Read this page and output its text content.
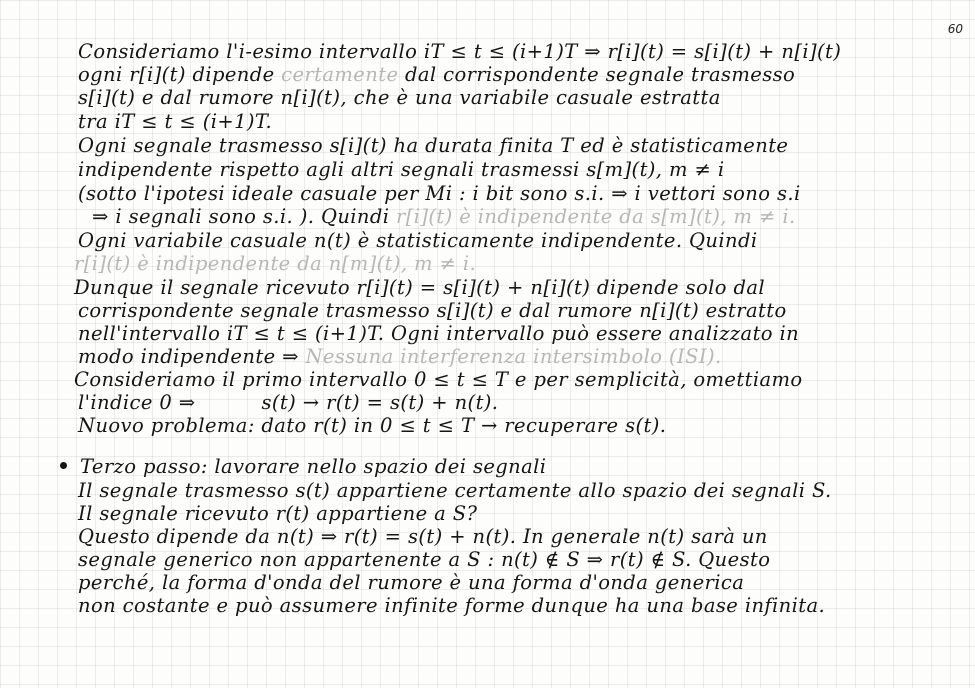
60
Consideriamo l'i-esimo intervallo iT ≤ t ≤ (i+1)T ⇒ r[i](t) = s[i](t) + n[i](t)
ogni r[i](t) dipende certamente dal corrispondente segnale trasmesso
s[i](t) e dal rumore n[i](t), che è una variabile casuale estratta
tra iT ≤ t ≤ (i+1)T.
Ogni segnale trasmesso s[i](t) ha durata finita T ed è statisticamente
indipendente rispetto agli altri segnali trasmessi s[m](t), m ≠ i
(sotto l'ipotesi ideale casuale per Mi : i bit sono s.i. ⇒ i vettori sono s.i
⇒ i segnali sono s.i. ). Quindi r[i](t) è indipendente da s[m](t), m ≠ i.
Ogni variabile casuale n(t) è statisticamente indipendente. Quindi
r[i](t) è indipendente da n[m](t), m ≠ i.
Dunque il segnale ricevuto r[i](t) = s[i](t) + n[i](t) dipende solo dal
corrispondente segnale trasmesso s[i](t) e dal rumore n[i](t) estratto
nell'intervallo iT ≤ t ≤ (i+1)T. Ogni intervallo può essere analizzato in
modo indipendente ⇒ Nessuna interferenza intersimbolo (ISI).
Consideriamo il primo intervallo 0 ≤ t ≤ T e per semplicità, omettiamo
l'indice 0 ⇒          s(t) → r(t) = s(t) + n(t).
Nuovo problema: dato r(t) in 0 ≤ t ≤ T → recuperare s(t).
Terzo passo: lavorare nello spazio dei segnali
Il segnale trasmesso s(t) appartiene certamente allo spazio dei segnali S.
Il segnale ricevuto r(t) appartiene a S?
Questo dipende da n(t) ⇒ r(t) = s(t) + n(t). In generale n(t) sarà un
segnale generico non appartenente a S : n(t) ∉ S ⇒ r(t) ∉ S. Questo
perché, la forma d'onda del rumore è una forma d'onda generica
non costante e può assumere infinite forme dunque ha una base infinita.
